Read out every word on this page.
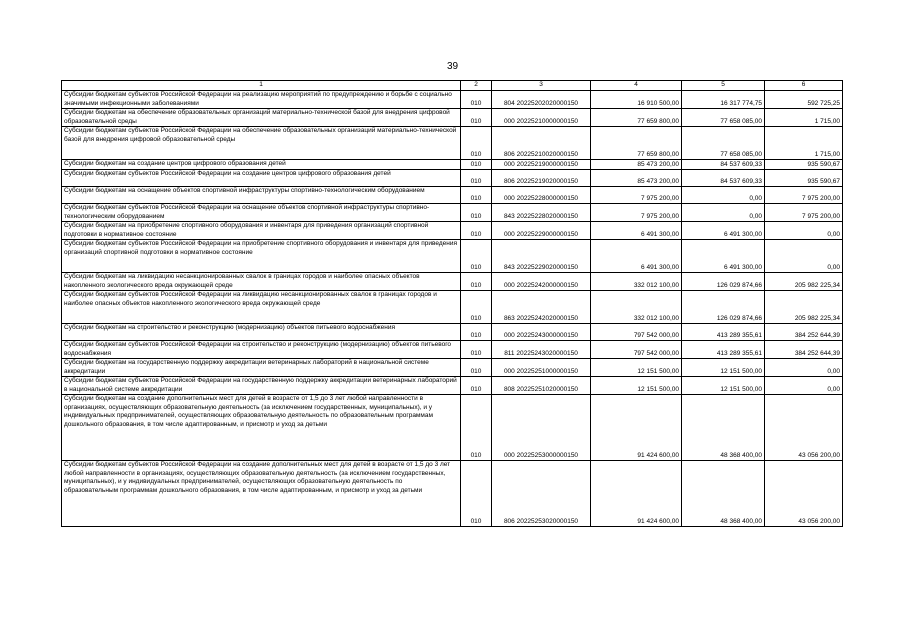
39
1	2	3	4	5	6
Субсидии бюджетам субъектов Российской Федерации на реализацию мероприятий по предупреждению и борьбе с социально значимыми инфекционными заболеваниями	010	804 20225202020000150	16 910 500,00	16 317 774,75	592 725,25
Субсидии бюджетам на обеспечение образовательных организаций материально-технической базой для внедрения цифровой образовательной среды	010	000 20225210000000150	77 659 800,00	77 658 085,00	1 715,00
Субсидии бюджетам субъектов Российской Федерации на обеспечение образовательных организаций материально-технической базой для внедрения цифровой образовательной среды	010	806 20225210020000150	77 659 800,00	77 658 085,00	1 715,00
Субсидии бюджетам на создание центров цифрового образования детей	010	000 20225219000000150	85 473 200,00	84 537 609,33	935 590,67
Субсидии бюджетам субъектов Российской Федерации на создание центров цифрового образования детей	010	806 20225219020000150	85 473 200,00	84 537 609,33	935 590,67
Субсидии бюджетам на оснащение объектов спортивной инфраструктуры спортивно-технологическим оборудованием	010	000 20225228000000150	7 975 200,00	0,00	7 975 200,00
Субсидии бюджетам субъектов Российской Федерации на оснащение объектов спортивной инфраструктуры спортивно-технологическим оборудованием	010	843 20225228020000150	7 975 200,00	0,00	7 975 200,00
Субсидии бюджетам на приобретение спортивного оборудования и инвентаря для приведения организаций спортивной подготовки в нормативное состояние	010	000 20225229000000150	6 491 300,00	6 491 300,00	0,00
Субсидии бюджетам субъектов Российской Федерации на приобретение спортивного оборудования и инвентаря для приведения организаций спортивной подготовки в нормативное состояние	010	843 20225229020000150	6 491 300,00	6 491 300,00	0,00
Субсидии бюджетам на ликвидацию несанкционированных свалок в границах городов и наиболее опасных объектов накопленного экологического вреда окружающей среде	010	000 20225242000000150	332 012 100,00	126 029 874,66	205 982 225,34
Субсидии бюджетам субъектов Российской Федерации на ликвидацию несанкционированных свалок в границах городов и наиболее опасных объектов накопленного экологического вреда окружающей среде	010	863 20225242020000150	332 012 100,00	126 029 874,66	205 982 225,34
Субсидии бюджетам на строительство и реконструкцию (модернизацию) объектов питьевого водоснабжения	010	000 20225243000000150	797 542 000,00	413 289 355,61	384 252 644,39
Субсидии бюджетам субъектов Российской Федерации на строительство и реконструкцию (модернизацию) объектов питьевого водоснабжения	010	811 20225243020000150	797 542 000,00	413 289 355,61	384 252 644,39
Субсидии бюджетам на государственную поддержку аккредитации ветеринарных лабораторий в национальной системе аккредитации	010	000 20225251000000150	12 151 500,00	12 151 500,00	0,00
Субсидии бюджетам субъектов Российской Федерации на государственную поддержку аккредитации ветеринарных лабораторий в национальной системе аккредитации	010	808 20225251020000150	12 151 500,00	12 151 500,00	0,00
Субсидии бюджетам на создание дополнительных мест для детей в возрасте от 1,5 до 3 лет любой направленности в организациях, осуществляющих образовательную деятельность (за исключением государственных, муниципальных), и у индивидуальных предпринимателей, осуществляющих образовательную деятельность по образовательным программам дошкольного образования, в том числе адаптированным, и присмотр и уход за детьми	010	000 20225253000000150	91 424 600,00	48 368 400,00	43 056 200,00
Субсидии бюджетам субъектов Российской Федерации на создание дополнительных мест для детей в возрасте от 1,5 до 3 лет любой направленности в организациях, осуществляющих образовательную деятельность (за исключением государственных, муниципальных), и у индивидуальных предпринимателей, осуществляющих образовательную деятельность по образовательным программам дошкольного образования, в том числе адаптированным, и присмотр и уход за детьми	010	806 20225253020000150	91 424 600,00	48 368 400,00	43 056 200,00
